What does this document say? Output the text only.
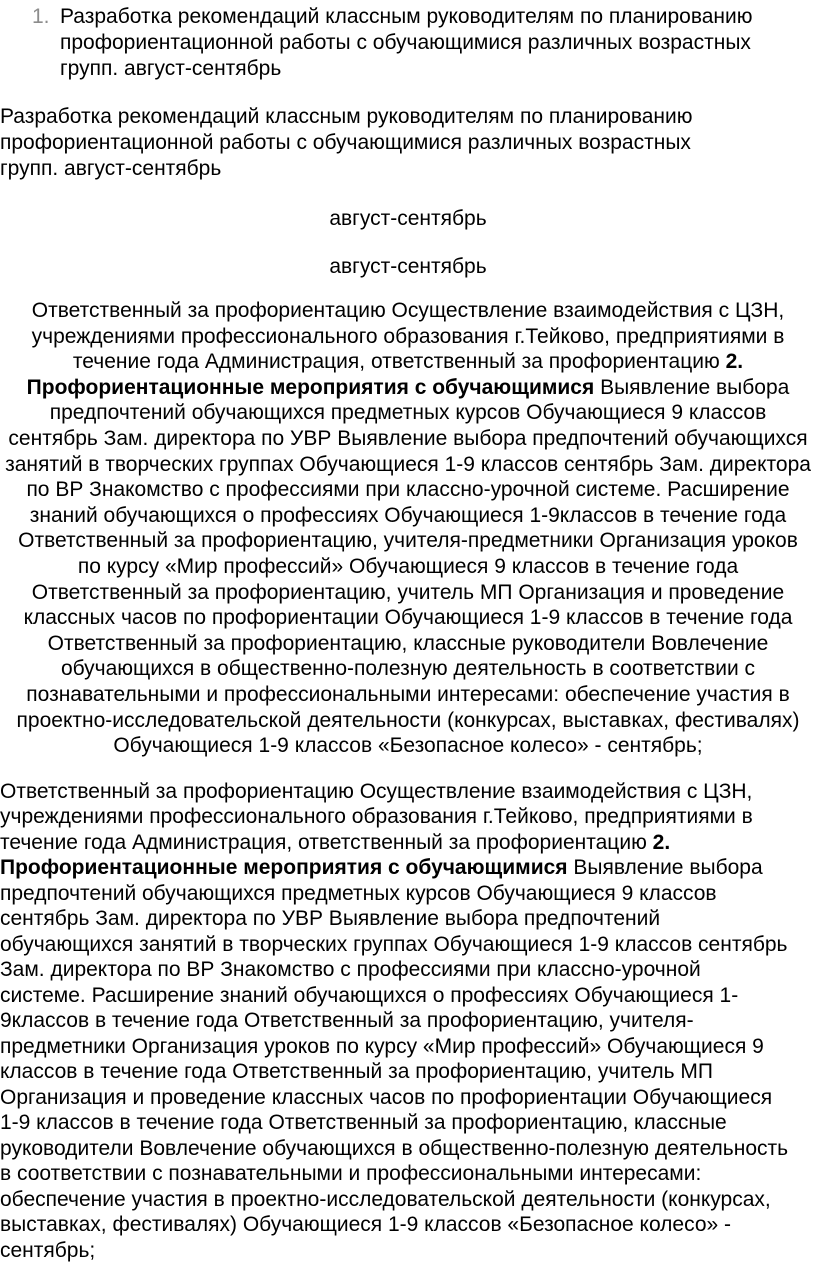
1. Разработка рекомендаций классным руководителям по планированию профориентационной работы с обучающимися различных возрастных групп. август-сентябрь

Разработка рекомендаций классным руководителям по планированию профориентационной работы с обучающимися различных возрастных групп. август-сентябрь

август-сентябрь

август-сентябрь

Ответственный за профориентацию Осуществление взаимодействия с ЦЗН, учреждениями профессионального образования г.Тейково, предприятиями в течение года Администрация, ответственный за профориентацию 2. Профориентационные мероприятия с обучающимися Выявление выбора предпочтений обучающихся предметных курсов Обучающиеся 9 классов сентябрь Зам. директора по УВР Выявление выбора предпочтений обучающихся занятий в творческих группах Обучающиеся 1-9 классов сентябрь Зам. директора по ВР Знакомство с профессиями при классно-урочной системе. Расширение знаний обучающихся о профессиях Обучающиеся 1-9классов в течение года Ответственный за профориентацию, учителя-предметники Организация уроков по курсу «Мир профессий» Обучающиеся 9 классов в течение года Ответственный за профориентацию, учитель МП Организация и проведение классных часов по профориентации Обучающиеся 1-9 классов в течение года Ответственный за профориентацию, классные руководители Вовлечение обучающихся в общественно-полезную деятельность в соответствии с познавательными и профессиональными интересами: обеспечение участия в проектно-исследовательской деятельности (конкурсах, выставках, фестивалях) Обучающиеся 1-9 классов «Безопасное колесо» - сентябрь;

Ответственный за профориентацию Осуществление взаимодействия с ЦЗН, учреждениями профессионального образования г.Тейково, предприятиями в течение года Администрация, ответственный за профориентацию 2. Профориентационные мероприятия с обучающимися Выявление выбора предпочтений обучающихся предметных курсов Обучающиеся 9 классов сентябрь Зам. директора по УВР Выявление выбора предпочтений обучающихся занятий в творческих группах Обучающиеся 1-9 классов сентябрь Зам. директора по ВР Знакомство с профессиями при классно-урочной системе. Расширение знаний обучающихся о профессиях Обучающиеся 1-9классов в течение года Ответственный за профориентацию, учителя-предметники Организация уроков по курсу «Мир профессий» Обучающиеся 9 классов в течение года Ответственный за профориентацию, учитель МП Организация и проведение классных часов по профориентации Обучающиеся 1-9 классов в течение года Ответственный за профориентацию, классные руководители Вовлечение обучающихся в общественно-полезную деятельность в соответствии с познавательными и профессиональными интересами: обеспечение участия в проектно-исследовательской деятельности (конкурсах, выставках, фестивалях) Обучающиеся 1-9 классов «Безопасное колесо» - сентябрь;
